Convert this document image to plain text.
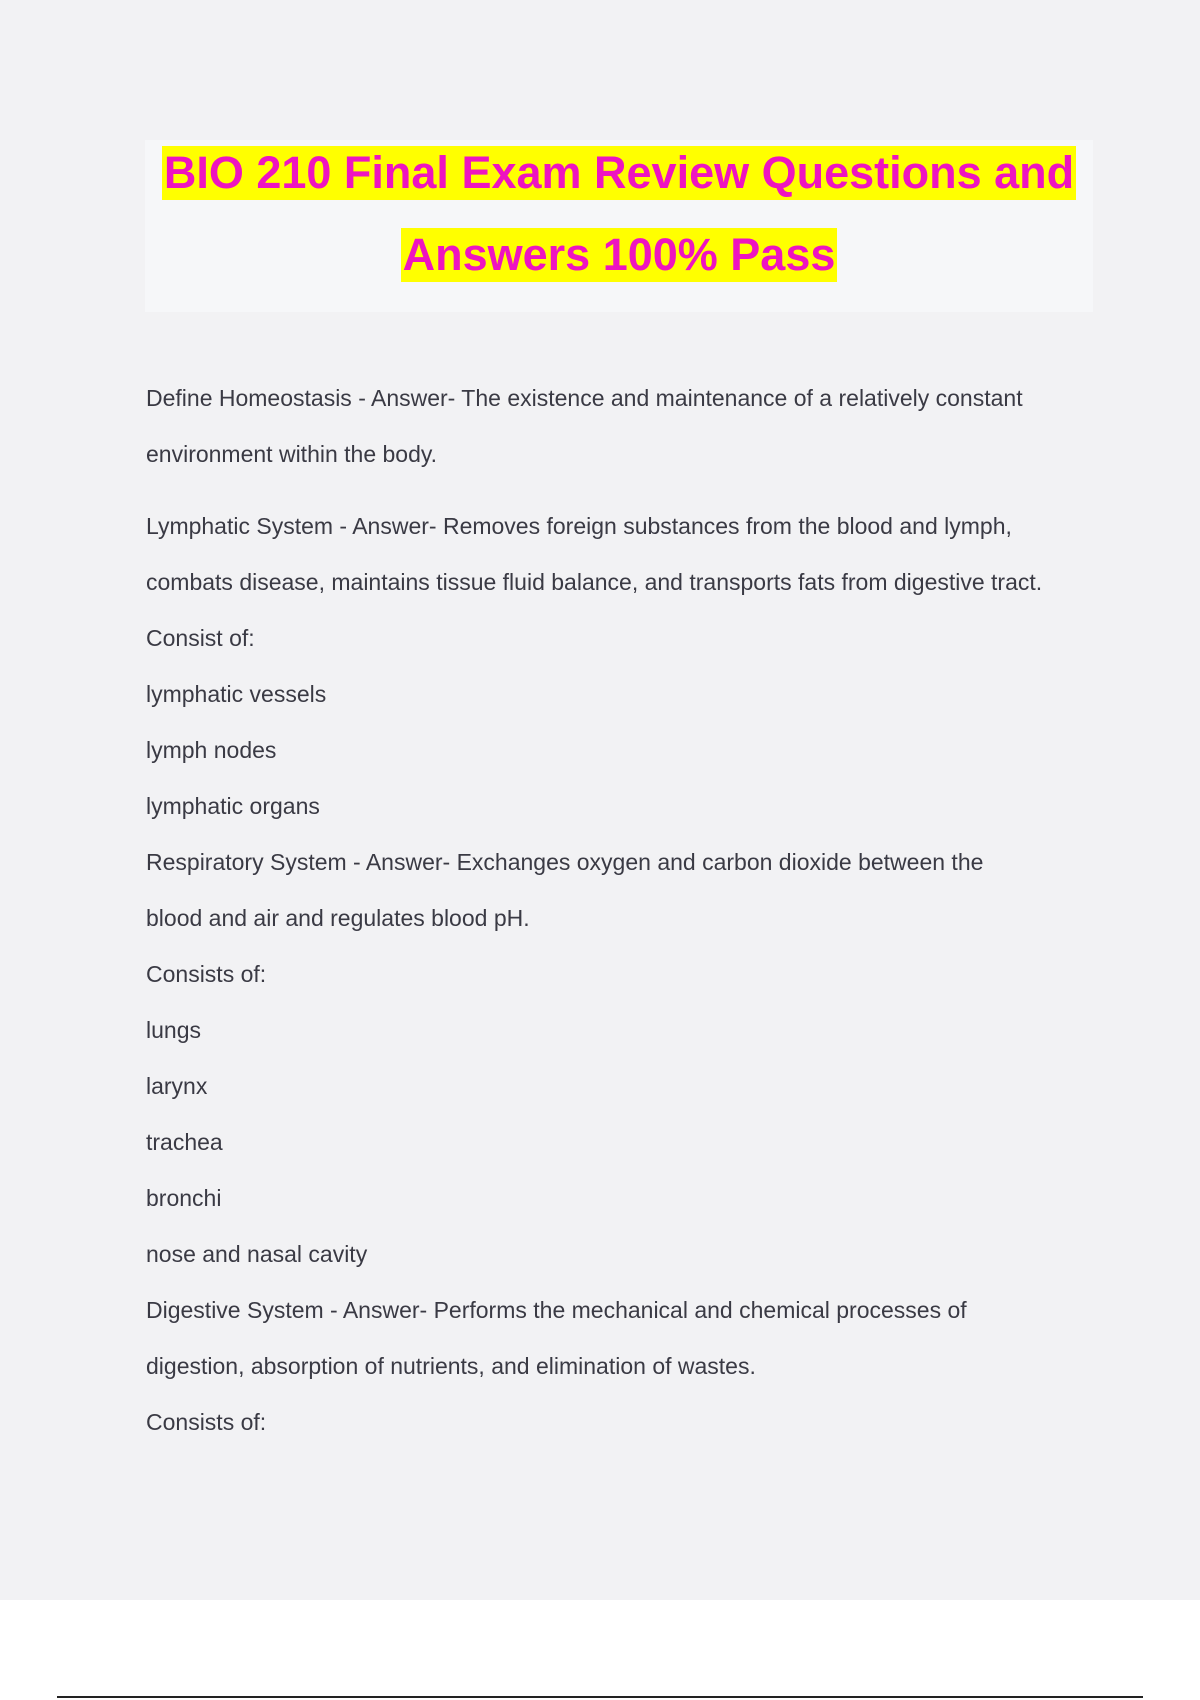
BIO 210 Final Exam Review Questions and
Answers 100% Pass
Define Homeostasis - Answer- The existence and maintenance of a relatively constant
environment within the body.
Lymphatic System - Answer- Removes foreign substances from the blood and lymph,
combats disease, maintains tissue fluid balance, and transports fats from digestive tract.
Consist of:
lymphatic vessels
lymph nodes
lymphatic organs
Respiratory System - Answer- Exchanges oxygen and carbon dioxide between the
blood and air and regulates blood pH.
Consists of:
lungs
larynx
trachea
bronchi
nose and nasal cavity
Digestive System - Answer- Performs the mechanical and chemical processes of
digestion, absorption of nutrients, and elimination of wastes.
Consists of:
